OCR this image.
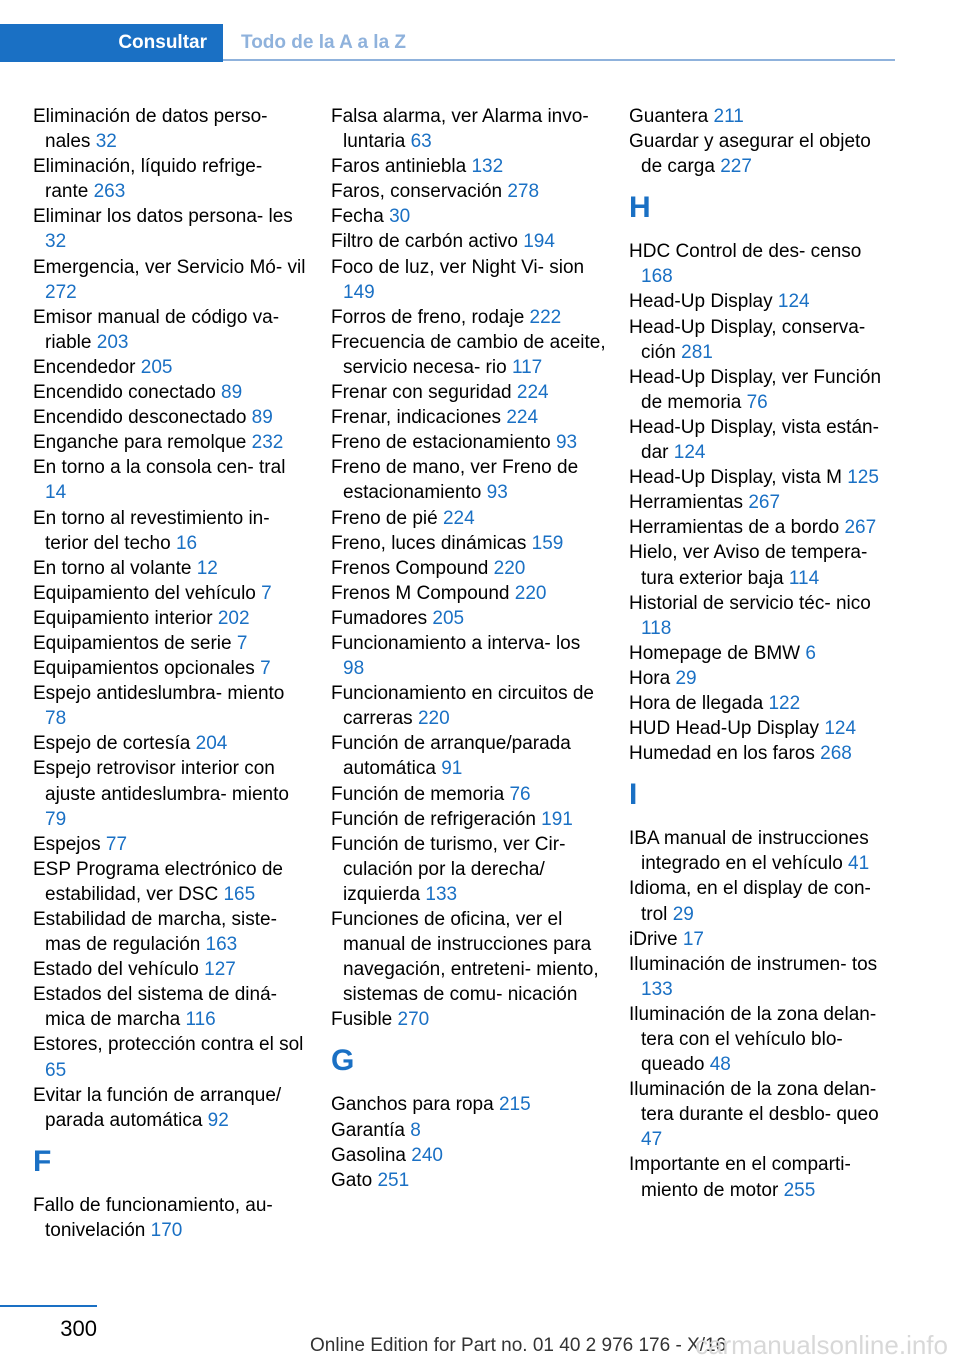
Consultar	Todo de la A a la Z
Eliminación de datos perso‐ nales 32
Eliminación, líquido refrige‐ rante 263
Eliminar los datos persona‐ les 32
Emergencia, ver Servicio Mó‐ vil 272
Emisor manual de código va‐ riable 203
Encendedor 205
Encendido conectado 89
Encendido desconectado 89
Enganche para remolque 232
En torno a la consola cen‐ tral 14
En torno al revestimiento in‐ terior del techo 16
En torno al volante 12
Equipamiento del vehículo 7
Equipamiento interior 202
Equipamientos de serie 7
Equipamientos opcionales 7
Espejo antideslumbra‐ miento 78
Espejo de cortesía 204
Espejo retrovisor interior con ajuste antideslumbra‐ miento 79
Espejos 77
ESP Programa electrónico de estabilidad, ver DSC 165
Estabilidad de marcha, siste‐ mas de regulación 163
Estado del vehículo 127
Estados del sistema de diná‐ mica de marcha 116
Estores, protección contra el sol 65
Evitar la función de arranque/ parada automática 92
F
Fallo de funcionamiento, au‐ tonivelación 170
Falsa alarma, ver Alarma invo‐ luntaria 63
Faros antiniebla 132
Faros, conservación 278
Fecha 30
Filtro de carbón activo 194
Foco de luz, ver Night Vi‐ sion 149
Forros de freno, rodaje 222
Frecuencia de cambio de aceite, servicio necesa‐ rio 117
Frenar con seguridad 224
Frenar, indicaciones 224
Freno de estacionamiento 93
Freno de mano, ver Freno de estacionamiento 93
Freno de pié 224
Freno, luces dinámicas 159
Frenos Compound 220
Frenos M Compound 220
Fumadores 205
Funcionamiento a interva‐ los 98
Funcionamiento en circuitos de carreras 220
Función de arranque/parada automática 91
Función de memoria 76
Función de refrigeración 191
Función de turismo, ver Cir‐ culación por la derecha/ izquierda 133
Funciones de oficina, ver el manual de instrucciones para navegación, entreteni‐ miento, sistemas de comu‐ nicación
Fusible 270
G
Ganchos para ropa 215
Garantía 8
Gasolina 240
Gato 251
Guantera 211
Guardar y asegurar el objeto de carga 227
H
HDC Control de des‐ censo 168
Head-Up Display 124
Head-Up Display, conserva‐ ción 281
Head-Up Display, ver Función de memoria 76
Head-Up Display, vista están‐ dar 124
Head-Up Display, vista M 125
Herramientas 267
Herramientas de a bordo 267
Hielo, ver Aviso de tempera‐ tura exterior baja 114
Historial de servicio téc‐ nico 118
Homepage de BMW 6
Hora 29
Hora de llegada 122
HUD Head-Up Display 124
Humedad en los faros 268
I
IBA manual de instrucciones integrado en el vehículo 41
Idioma, en el display de con‐ trol 29
iDrive 17
Iluminación de instrumen‐ tos 133
Iluminación de la zona delan‐ tera con el vehículo blo‐ queado 48
Iluminación de la zona delan‐ tera durante el desblo‐ queo 47
Importante en el comparti‐ miento de motor 255
300
Online Edition for Part no. 01 40 2 976 176 - X/16
carmanualsonline.info
